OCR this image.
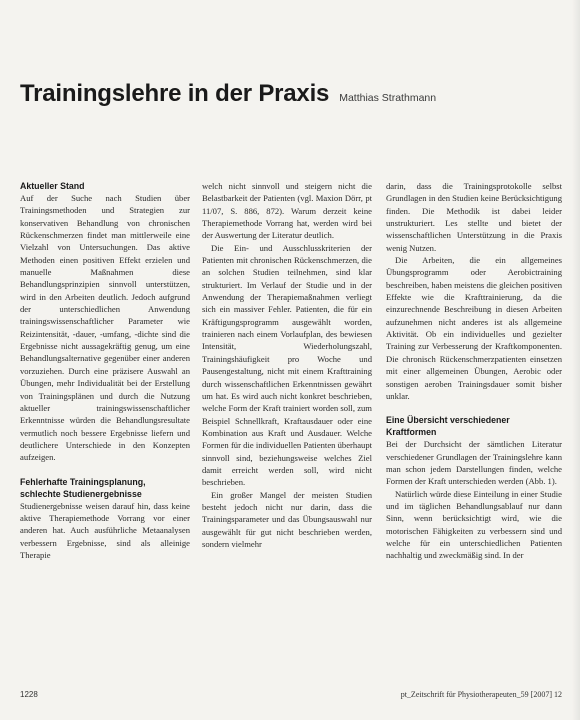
Trainingslehre in der Praxis Matthias Strathmann
Aktueller Stand

Auf der Suche nach Studien über Trainingsmethoden und Strategien zur konservativen Behandlung von chronischen Rückenschmerzen findet man mittlerweile eine Vielzahl von Untersuchungen. Das aktive Methoden einen positiven Effekt erzielen und manuelle Maßnahmen diese Behandlungsprinzipien sinnvoll unterstützen, wird in den Arbeiten deutlich. Jedoch aufgrund der unterschiedlichen Anwendung trainingswissenschaftlicher Parameter wie Reizintensität, -dauer, -umfang, -dichte sind die Ergebnisse nicht aussagekräftig genug, um eine Behandlungsalternative gegenüber einer anderen vorzuziehen. Durch eine präzisere Auswahl an Übungen, mehr Individualität bei der Erstellung von Trainingsplänen und durch die Nutzung aktueller trainingswissenschaftlicher Erkenntnisse würden die Behandlungsresultate vermutlich noch bessere Ergebnisse liefern und deutlichere Unterschiede in den Konzepten aufzeigen.

Fehlerhafte Trainingsplanung,
schlechte Studienergebnisse

Studienergebnisse weisen darauf hin, dass keine aktive Therapiemethode Vorrang vor einer anderen hat. Auch ausführliche Metaanalysen verbessern Ergebnisse, sind als alleinige Therapie

welch nicht sinnvoll und steigern nicht die Belastbarkeit der Patienten (vgl. Maxion Dörr, pt 11/07, S. 886, 872). Warum derzeit keine Therapiemethode Vorrang hat, werden wird bei der Auswertung der Literatur deutlich.

Die Ein- und Ausschlusskriterien der Patienten mit chronischen Rückenschmerzen, die an solchen Studien teilnehmen, sind klar strukturiert. Im Verlauf der Studie und in der Anwendung der Therapiemaßnahmen verliegt sich ein massiver Fehler. Patienten, die für ein Kräftigungsprogramm ausgewählt worden, trainieren nach einem Vorlaufplan, des bewiesen Intensität, Wiederholungszahl, Trainingshäufigkeit pro Woche und Pausengestaltung, nicht mit einem Krafttraining durch wissenschaftlichen Erkenntnissen gewährt um hat. Es wird auch nicht konkret beschrieben, welche Form der Kraft trainiert worden soll, zum Beispiel Schnellkraft, Kraftausdauer oder eine Kombination aus Kraft und Ausdauer. Welche Formen für die individuellen Patienten überhaupt sinnvoll sind, beziehungsweise welches Ziel damit erreicht werden soll, wird nicht beschrieben.

Ein großer Mangel der meisten Studien besteht jedoch nicht nur darin, dass die Trainingsparameter und das Übungsauswahl nur ausgewählt für gut nicht beschrieben werden, sondern vielmehr

darin, dass die Trainingsprotokolle selbst Grundlagen in den Studien keine Berücksichtigung finden. Die Methodik ist dabei leider unstrukturiert. Les stellte und bietet der wissenschaftlichen Unterstützung in die Praxis wenig Nutzen.

Die Arbeiten, die ein allgemeines Übungsprogramm oder Aerobictraining beschreiben, haben meistens die gleichen positiven Effekte wie die Krafttrainierung, da die einzurechnende Beschreibung in diesen Arbeiten aufzunehmen nicht anderes ist als allgemeine Aktivität. Ob ein individuelles und gezielter Training zur Verbesserung der Kraftkomponenten. Die chronisch Rückenschmerzpatienten einsetzen mit einer allgemeinen Übungen, Aerobic oder sonstigen aeroben Trainingsdauer somit bisher unklar.

Eine Übersicht verschiedener
Kraftformen

Bei der Durchsicht der sämtlichen Literatur verschiedener Grundlagen der Trainingslehre kann man schon jedem Darstellungen finden, welche Formen der Kraft unterschieden werden (Abb. 1).

Natürlich würde diese Einteilung in einer Studie und im täglichen Behandlungsablauf nur dann Sinn, wenn berücksichtigt wird, wie die motorischen Fähigkeiten zu verbessern sind und welche für ein unterschiedlichen Patienten nachhaltig und zweckmäßig sind. In der

1228	pt_Zeitschrift für Physiotherapeuten_59 [2007] 12
